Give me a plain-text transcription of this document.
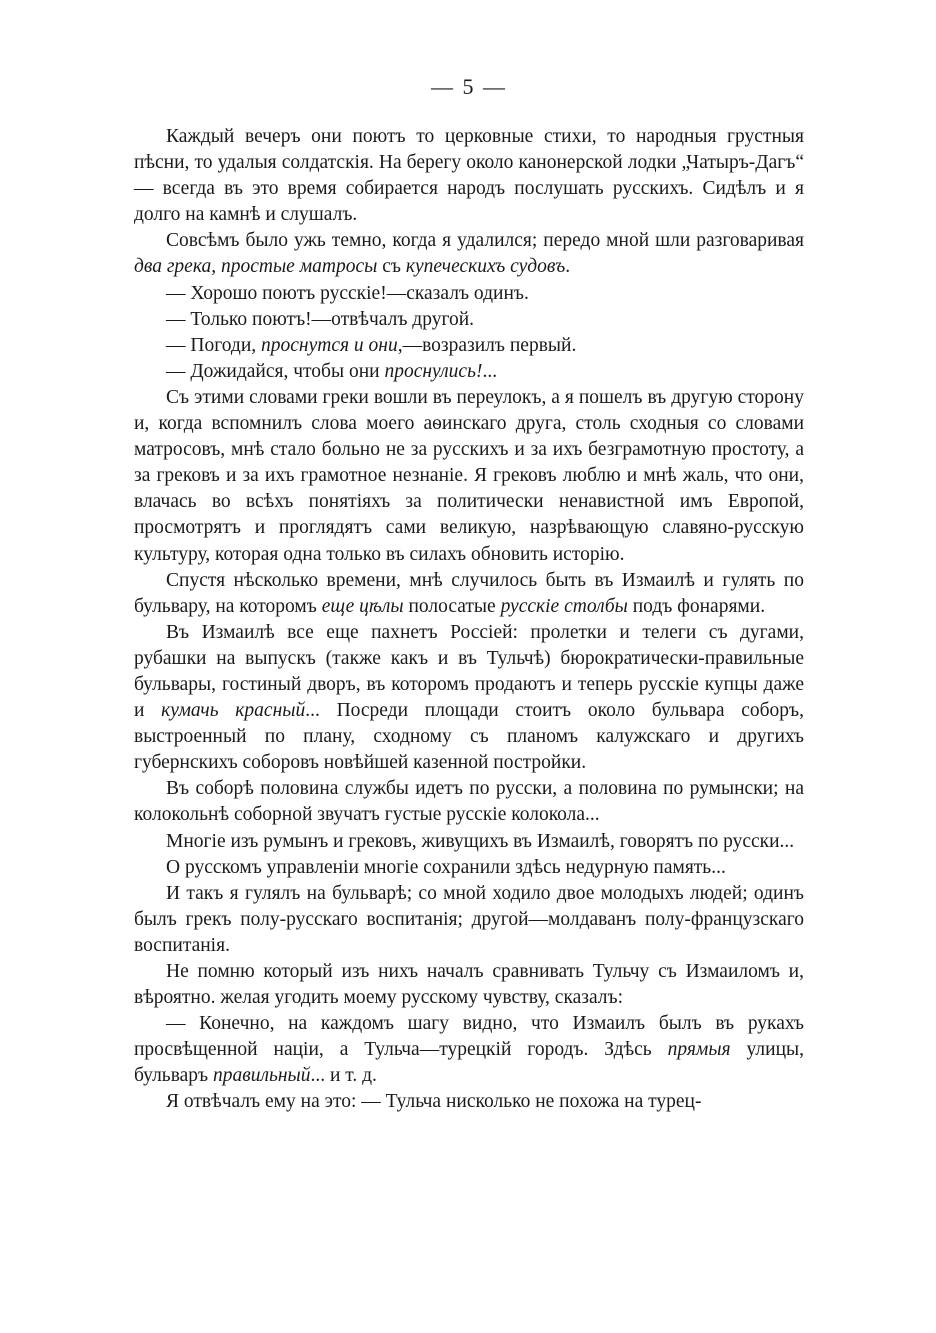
— 5 —

Каждый вечеръ они поютъ то церковные стихи, то народныя грустныя пѣсни, то удалыя солдатскія. На берегу около канонерской лодки „Чатыръ-Дагъ“ — всегда въ это время собирается народъ послушать русскихъ. Сидѣлъ и я долго на камнѣ и слушалъ.

Совсѣмъ было ужь темно, когда я удалился; передо мной шли разговаривая два грека, простые матросы съ купеческихъ судовъ.

— Хорошо поютъ русскіе!—сказалъ одинъ.

— Только поютъ!—отвѣчалъ другой.

— Погоди, проснутся и они,—возразилъ первый.

— Дожидайся, чтобы они проснулись!...

Съ этими словами греки вошли въ переулокъ, а я пошелъ въ другую сторону и, когда вспомнилъ слова моего аѳинскаго друга, столь сходныя со словами матросовъ, мнѣ стало больно не за русскихъ и за ихъ безграмотную простоту, а за грековъ и за ихъ грамотное незнаніе. Я грековъ люблю и мнѣ жаль, что они, влачась во всѣхъ понятіяхъ за политически ненавистной имъ Европой, просмотрятъ и проглядятъ сами великую, назрѣвающую славяно-русскую культуру, которая одна только въ силахъ обновить исторію.

Спустя нѣсколько времени, мнѣ случилось быть въ Измаилѣ и гулять по бульвару, на которомъ еще цѣлы полосатые русскіе столбы подъ фонарями.

Въ Измаилѣ все еще пахнетъ Россіей: пролетки и телеги съ дугами, рубашки на выпускъ (также какъ и въ Тульчѣ) бюрократически-правильные бульвары, гостиный дворъ, въ которомъ продаютъ и теперь русскіе купцы даже и кумачь красный... Посреди площади стоитъ около бульвара соборъ, выстроенный по плану, сходному съ планомъ калужскаго и другихъ губернскихъ соборовъ новѣйшей казенной постройки.

Въ соборѣ половина службы идетъ по русски, а половина по румынски; на колокольнѣ соборной звучатъ густые русскіе колокола...

Многіе изъ румынъ и грековъ, живущихъ въ Измаилѣ, говорятъ по русски...

О русскомъ управленіи многіе сохранили здѣсь недурную память...

И такъ я гулялъ на бульварѣ; со мной ходило двое молодыхъ людей; одинъ былъ грекъ полу-русскаго воспитанія; другой—молдаванъ полу-французскаго воспитанія.

Не помню который изъ нихъ началъ сравнивать Тульчу съ Измаиломъ и, вѣроятно. желая угодить моему русскому чувству, сказалъ:

— Конечно, на каждомъ шагу видно, что Измаилъ былъ въ рукахъ просвѣщенной націи, а Тульча—турецкій городъ. Здѣсь прямыя улицы, бульваръ правильный... и т. д.

Я отвѣчалъ ему на это: — Тульча нисколько не похожа на турец-
